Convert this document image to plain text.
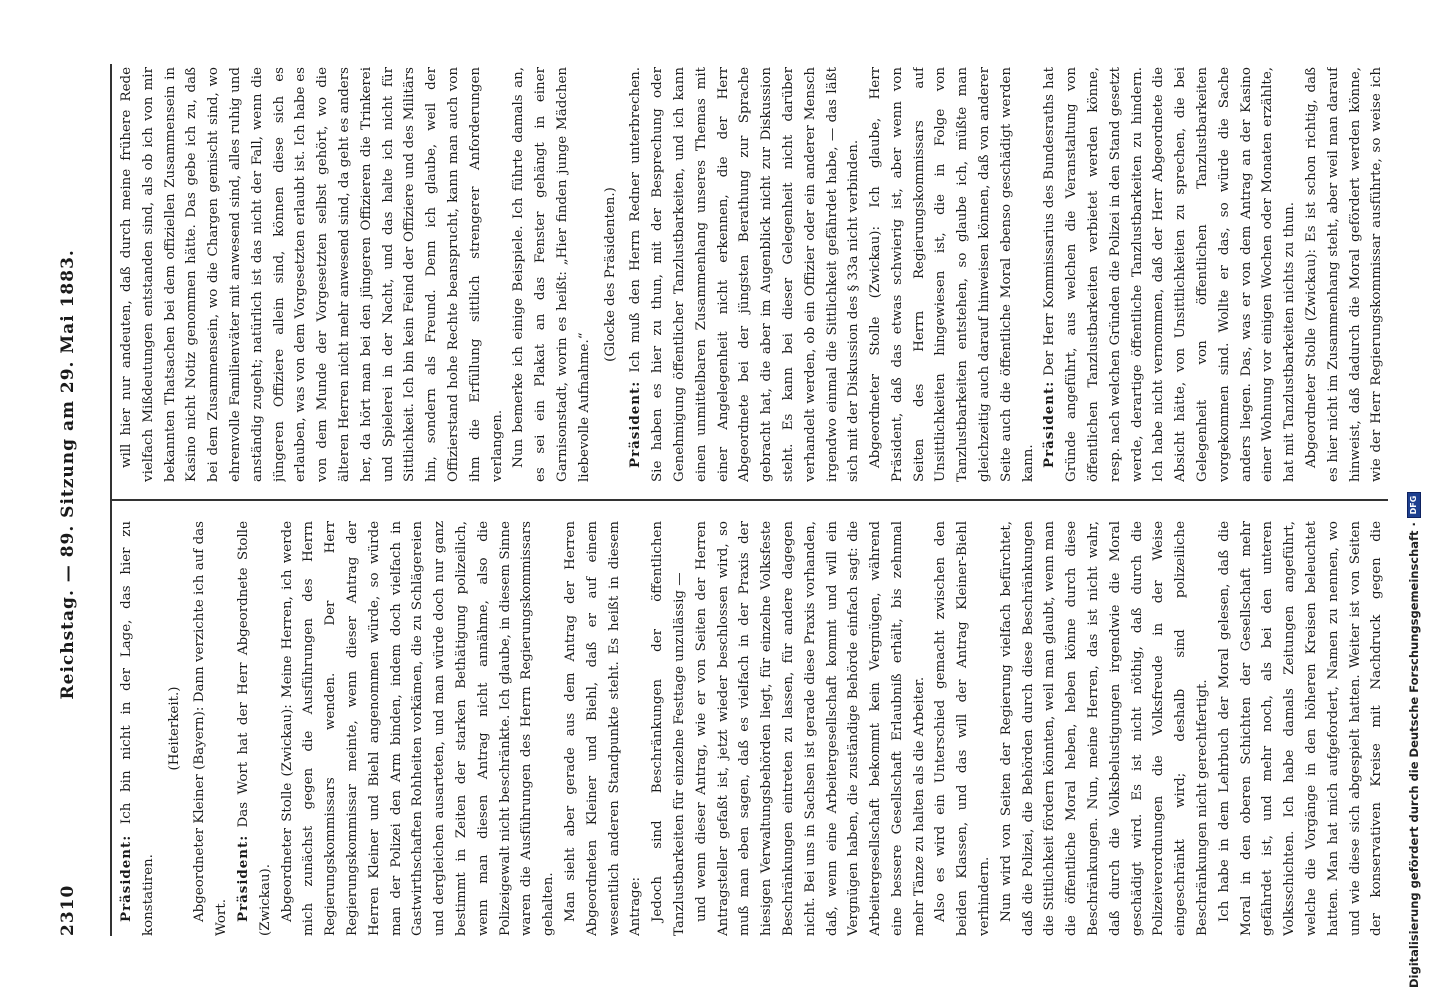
2310
Reichstag. — 89. Sitzung am 29. Mai 1883.

Präsident: Ich bin nicht in der Lage, das hier zu konstatiren.

(Heiterkeit.) Abgeordneter Kleiner (Bayern): Dann verzichte ich auf das Wort. Präsident: Das Wort hat der Herr Abgeordnete Stolle (Zwickau). Abgeordneter Stolle (Zwickau): Meine Herren, ich werde mich zunächst gegen die Ausführungen des Herrn Regierungskommissars wenden. Der Herr Regierungskommissar meinte, wenn dieser Antrag der Herren Kleiner und Biehl angenommen würde, so würde man der Polizei den Arm binden, indem doch vielfach in Gastwirthschaften Rohheiten vorkämen, die zu Schlägereien und dergleichen ausarteten, und man würde doch nur ganz bestimmt in Zeiten der starken Bethätigung polizeilich, wenn man diesen Antrag nicht annähme, also die Polizeigewalt nicht beschränkte. Ich glaube, in diesem Sinne waren die Ausführungen des Herrn Regierungskommissars gehalten. Man sieht aber gerade aus dem Antrag der Herren Abgeordneten Kleiner und Biehl, daß er auf einem wesentlich anderen Standpunkte steht. Es heißt in diesem Antrage: Jedoch sind Beschränkungen der öffentlichen Tanzlustbarkeiten für einzelne Festtage unzulässig — und wenn dieser Antrag, wie er von Seiten der Herren Antragsteller gefaßt ist, jetzt wieder beschlossen wird, so muß man eben sagen, daß es vielfach in der Praxis der hiesigen Verwaltungsbehörden liegt, für einzelne Volksfeste Beschränkungen eintreten zu lassen, für andere dagegen nicht. Bei uns in Sachsen ist gerade diese Praxis vorhanden, daß, wenn eine Arbeitergesellschaft kommt und will ein Vergnügen haben, die zuständige Behörde einfach sagt: die Arbeitergesellschaft bekommt kein Vergnügen, während eine bessere Gesellschaft Erlaubniß erhält, bis zehnmal mehr Tänze zu halten als die Arbeiter. Also es wird ein Unterschied gemacht zwischen den beiden Klassen, und das will der Antrag Kleiner-Biehl verhindern. Nun wird von Seiten der Regierung vielfach befürchtet, daß die Polizei, die Behörden durch diese Beschränkungen die Sittlichkeit fördern könnten, weil man glaubt, wenn man die öffentliche Moral heben, heben könne durch diese Beschränkungen. Nun, meine Herren, das ist nicht wahr, daß durch die Volksbelustigungen irgendwie die Moral geschädigt wird. Es ist nicht nöthig, daß durch die Polizeiverordnungen die Volksfreude in der Weise eingeschränkt wird; deshalb sind polizeiliche Beschränkungen nicht gerechtfertigt. Ich habe in dem Lehrbuch der Moral gelesen, daß die Moral in den oberen Schichten der Gesellschaft mehr gefährdet ist, und mehr noch, als bei den unteren Volksschichten. Ich habe damals Zeitungen angeführt, welche die Vorgänge in den höheren Kreisen beleuchtet hatten. Man hat mich aufgefordert, Namen zu nennen, wo und wie diese sich abgespielt hatten. Weiter ist von Seiten der konservativen Kreise mit Nachdruck gegen die

will hier nur andeuten, daß durch meine frühere Rede vielfach Mißdeutungen entstanden sind, als ob ich von mir bekannten Thatsachen bei dem offiziellen Zusammensein in Kasino nicht Notiz genommen hätte. Das gebe ich zu, daß bei dem Zusammensein, wo die Chargen gemischt sind, wo ehrenvolle Familienväter mit anwesend sind, alles ruhig und anständig zugeht; natürlich ist das nicht der Fall, wenn die jüngeren Offiziere allein sind, können diese sich es erlauben, was von dem Vorgesetzten erlaubt ist. Ich habe es von dem Munde der Vorgesetzten selbst gehört, wo die älteren Herren nicht mehr anwesend sind, da geht es anders her, da hört man bei den jüngeren Offizieren die Trinkerei und Spielerei in der Nacht, und das halte ich nicht für Sittlichkeit. Ich bin kein Feind der Offiziere und des Militärs hin, sondern als Freund. Denn ich glaube, weil der Offizierstand hohe Rechte beansprucht, kann man auch von ihm die Erfüllung sittlich strengerer Anforderungen verlangen. Nun bemerke ich einige Beispiele. Ich führte damals an, es sei ein Plakat an das Fenster gehängt in einer Garnisonstadt, worin es heißt: „Hier finden junge Mädchen liebevolle Aufnahme.“

(Glocke des Präsidenten.)

Präsident: Ich muß den Herrn Redner unterbrechen. Sie haben es hier zu thun, mit der Besprechung oder Genehmigung öffentlicher Tanzlustbarkeiten, und ich kann einen unmittelbaren Zusammenhang unseres Themas mit einer Angelegenheit nicht erkennen, die der Herr Abgeordnete bei der jüngsten Berathung zur Sprache gebracht hat, die aber im Augenblick nicht zur Diskussion steht. Es kann bei dieser Gelegenheit nicht darüber verhandelt werden, ob ein Offizier oder ein anderer Mensch irgendwo einmal die Sittlichkeit gefährdet habe, — das läßt sich mit der Diskussion des § 33a nicht verbinden. Abgeordneter Stolle (Zwickau): Ich glaube, Herr Präsident, daß das etwas schwierig ist, aber wenn von Seiten des Herrn Regierungskommissars auf Unsittlichkeiten hingewiesen ist, die in Folge von Tanzlustbarkeiten entstehen, so glaube ich, müßte man gleichzeitig auch darauf hinweisen können, daß von anderer Seite auch die öffentliche Moral ebenso geschädigt werden kann. Präsident: Der Herr Kommissarius des Bundesraths hat Gründe angeführt, aus welchen die Veranstaltung von öffentlichen Tanzlustbarkeiten verbietet werden könne, resp. nach welchen Gründen die Polizei in den Stand gesetzt werde, derartige öffentliche Tanzlustbarkeiten zu hindern. Ich habe nicht vernommen, daß der Herr Abgeordnete die Absicht hätte, von Unsittlichkeiten zu sprechen, die bei Gelegenheit von öffentlichen Tanzlustbarkeiten vorgekommen sind. Wollte er das, so würde die Sache anders liegen. Das, was er von dem Antrag an der Kasino einer Wohnung vor einigen Wochen oder Monaten erzählte, hat mit Tanzlustbarkeiten nichts zu thun. Abgeordneter Stolle (Zwickau): Es ist schon richtig, daß es hier nicht im Zusammenhang steht, aber weil man darauf hinweist, daß dadurch die Moral gefördert werden könne, wie der Herr Regierungskommissar ausführte, so weise ich

Digitalisierung gefördert durch die Deutsche Forschungsgemeinschaft
·
DFG
